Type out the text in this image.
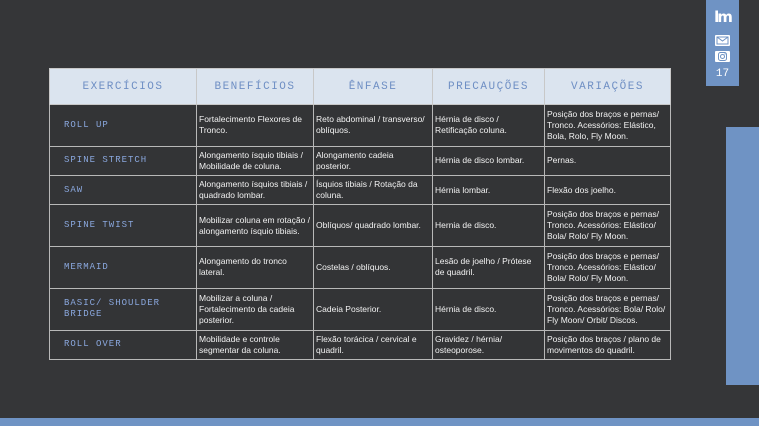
lm
17
EXERCÍCIOS	BENEFÍCIOS	ÊNFASE	PRECAUÇÕES	VARIAÇÕES
ROLL UP	Fortalecimento Flexores de Tronco.	Reto abdominal / transverso/ oblíquos.	Hérnia de disco / Retificação coluna.	Posição dos braços e pernas/ Tronco. Acessórios: Elástico, Bola, Rolo, Fly Moon.
SPINE STRETCH	Alongamento ísquio tibiais / Mobilidade de coluna.	Alongamento cadeia posterior.	Hérnia de disco lombar.	Pernas.
SAW	Alongamento ísquios tibiais / quadrado lombar.	Ísquios tibiais / Rotação da coluna.	Hérnia lombar.	Flexão dos joelho.
SPINE TWIST	Mobilizar coluna em rotação / alongamento ísquio tibiais.	Oblíquos/ quadrado lombar.	Hernia de disco.	Posição dos braços e pernas/ Tronco. Acessórios: Elástico/ Bola/ Rolo/ Fly Moon.
MERMAID	Alongamento do tronco lateral.	Costelas / oblíquos.	Lesão de joelho / Prótese de quadril.	Posição dos braços e pernas/ Tronco. Acessórios: Elástico/ Bola/ Rolo/ Fly Moon.
BASIC/ SHOULDER BRIDGE	Mobilizar a coluna / Fortalecimento da cadeia posterior.	Cadeia Posterior.	Hérnia de disco.	Posição dos braços e pernas/ Tronco. Acessórios: Bola/ Rolo/ Fly Moon/ Orbit/ Discos.
ROLL OVER	Mobilidade e controle segmentar da coluna.	Flexão torácica / cervical e quadril.	Gravidez / hérnia/ osteoporose.	Posição dos braços / plano de movimentos do quadril.
